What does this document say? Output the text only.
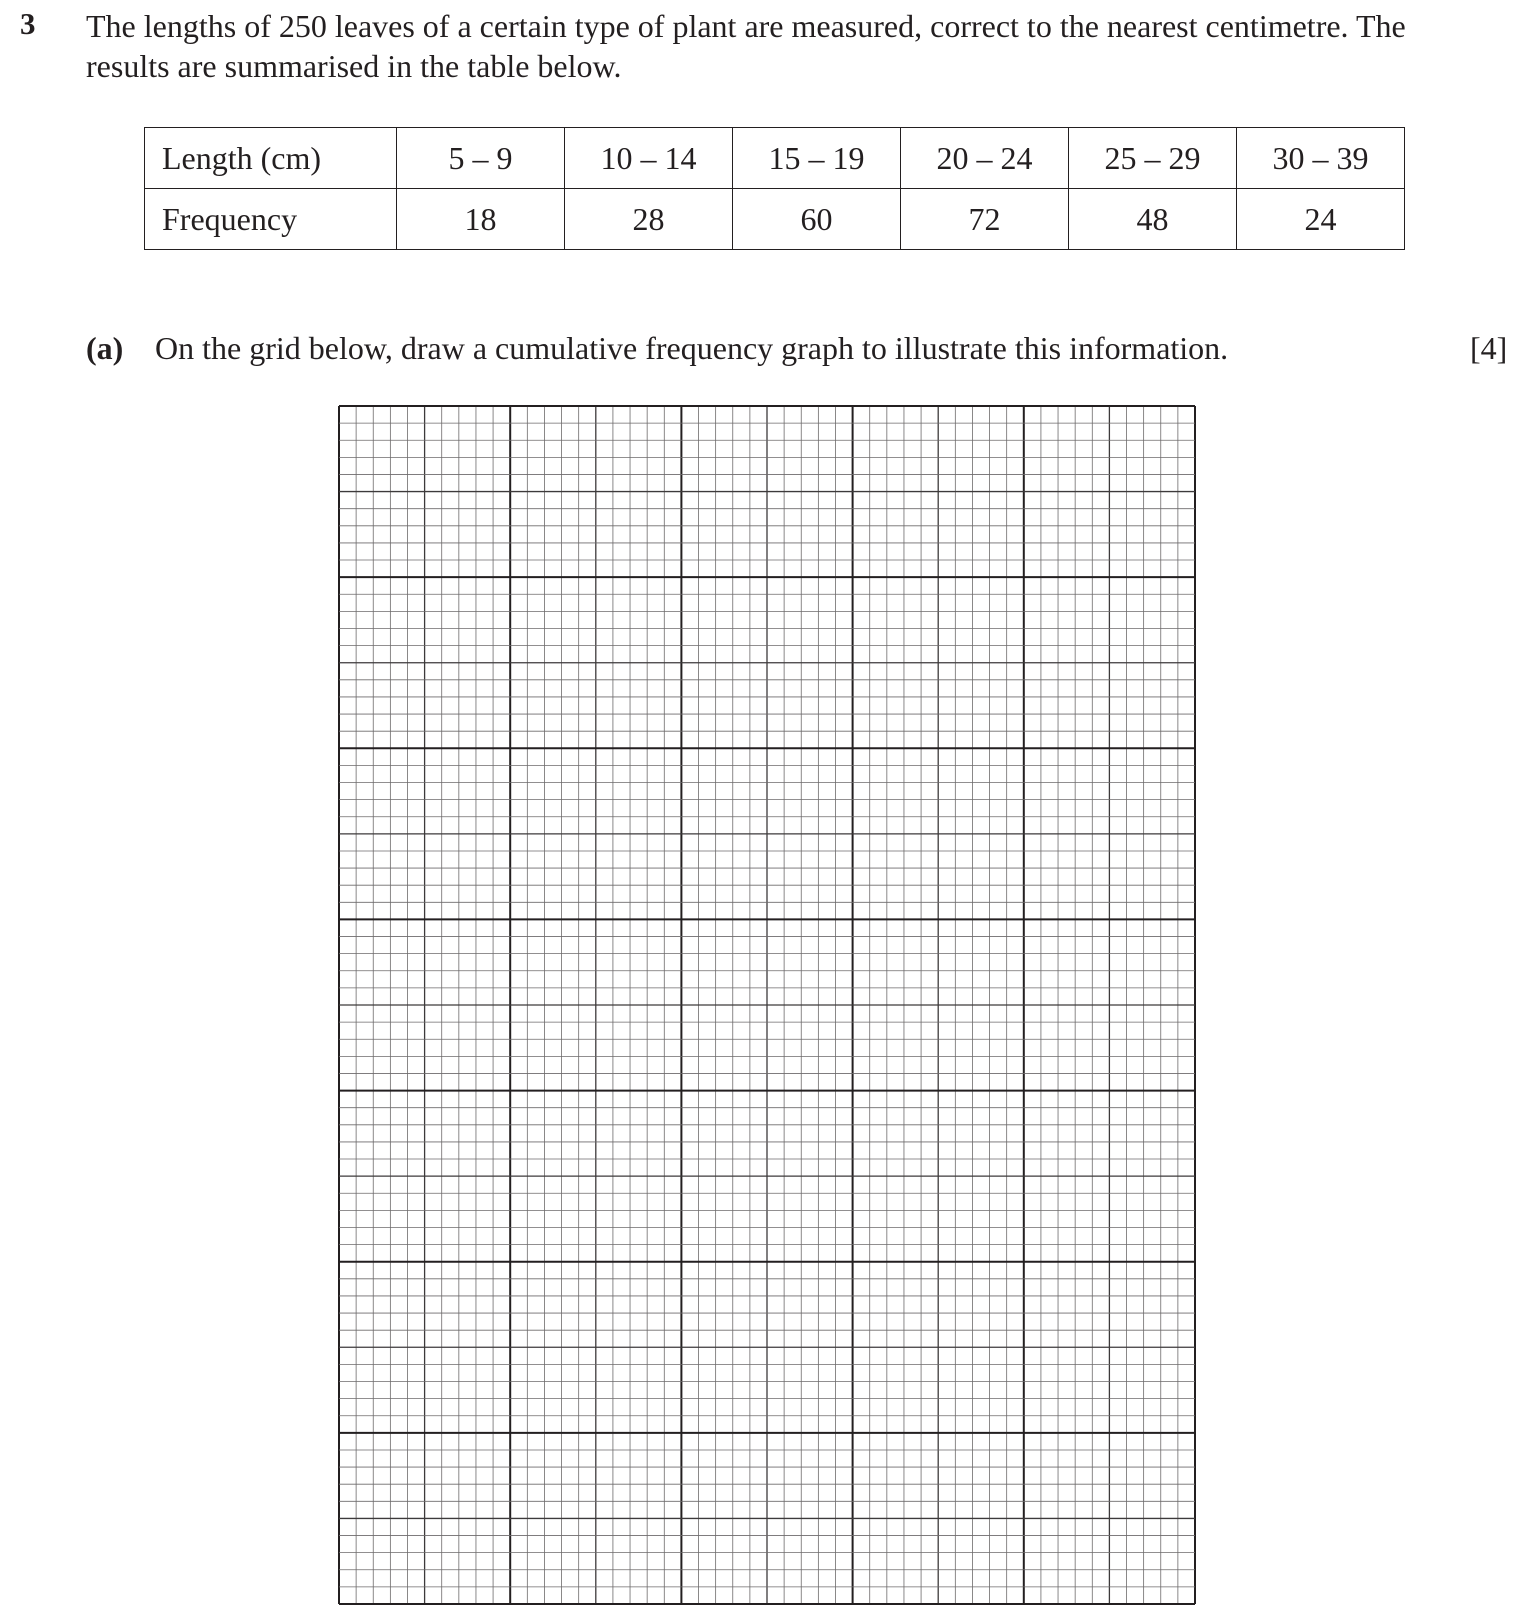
3 The lengths of 250 leaves of a certain type of plant are measured, correct to the nearest centimetre. The
results are summarised in the table below.
Length (cm)	5 – 9	10 – 14	15 – 19	20 – 24	25 – 29	30 – 39
Frequency	18	28	60	72	48	24
(a) On the grid below, draw a cumulative frequency graph to illustrate this information.	[4]
